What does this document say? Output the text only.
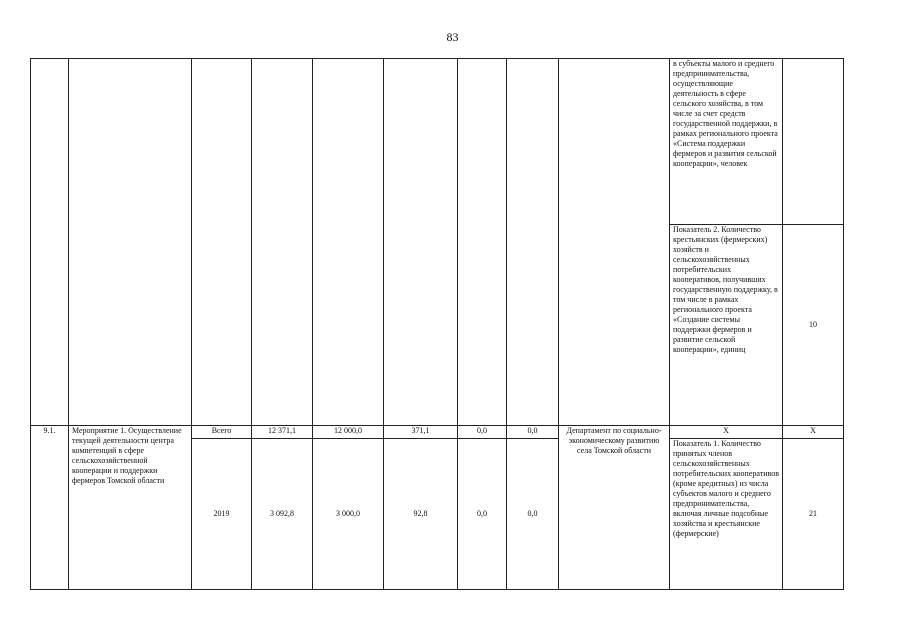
83
									в субъекты малого и среднего предпринимательства, осуществляющие деятельность в сфере сельского хозяйства, в том числе за счет средств государственной поддержки, в рамках регионального проекта «Система поддержки фермеров и развития сельской кооперации», человек	
									Показатель 2. Количество крестьянских (фермерских) хозяйств и сельскохозяйственных потребительских кооперативов, получивших государственную поддержку, в том числе в рамках регионального проекта «Создание системы поддержки фермеров и развитие сельской кооперации», единиц	10
9.1.	Мероприятие 1. Осуществление текущей деятельности центра компетенций в сфере сельскохозяйственной кооперации и поддержки фермеров Томской области	Всего	12 371,1	12 000,0	371,1	0,0	0,0	Департамент по социально-экономическому развитию села Томской области	Х	Х
		2019	3 092,8	3 000,0	92,8	0,0	0,0		Показатель 1. Количество принятых членов сельскохозяйственных потребительских кооперативов (кроме кредитных) из числа субъектов малого и среднего предпринимательства, включая личные подсобные хозяйства и крестьянские (фермерские)	21
